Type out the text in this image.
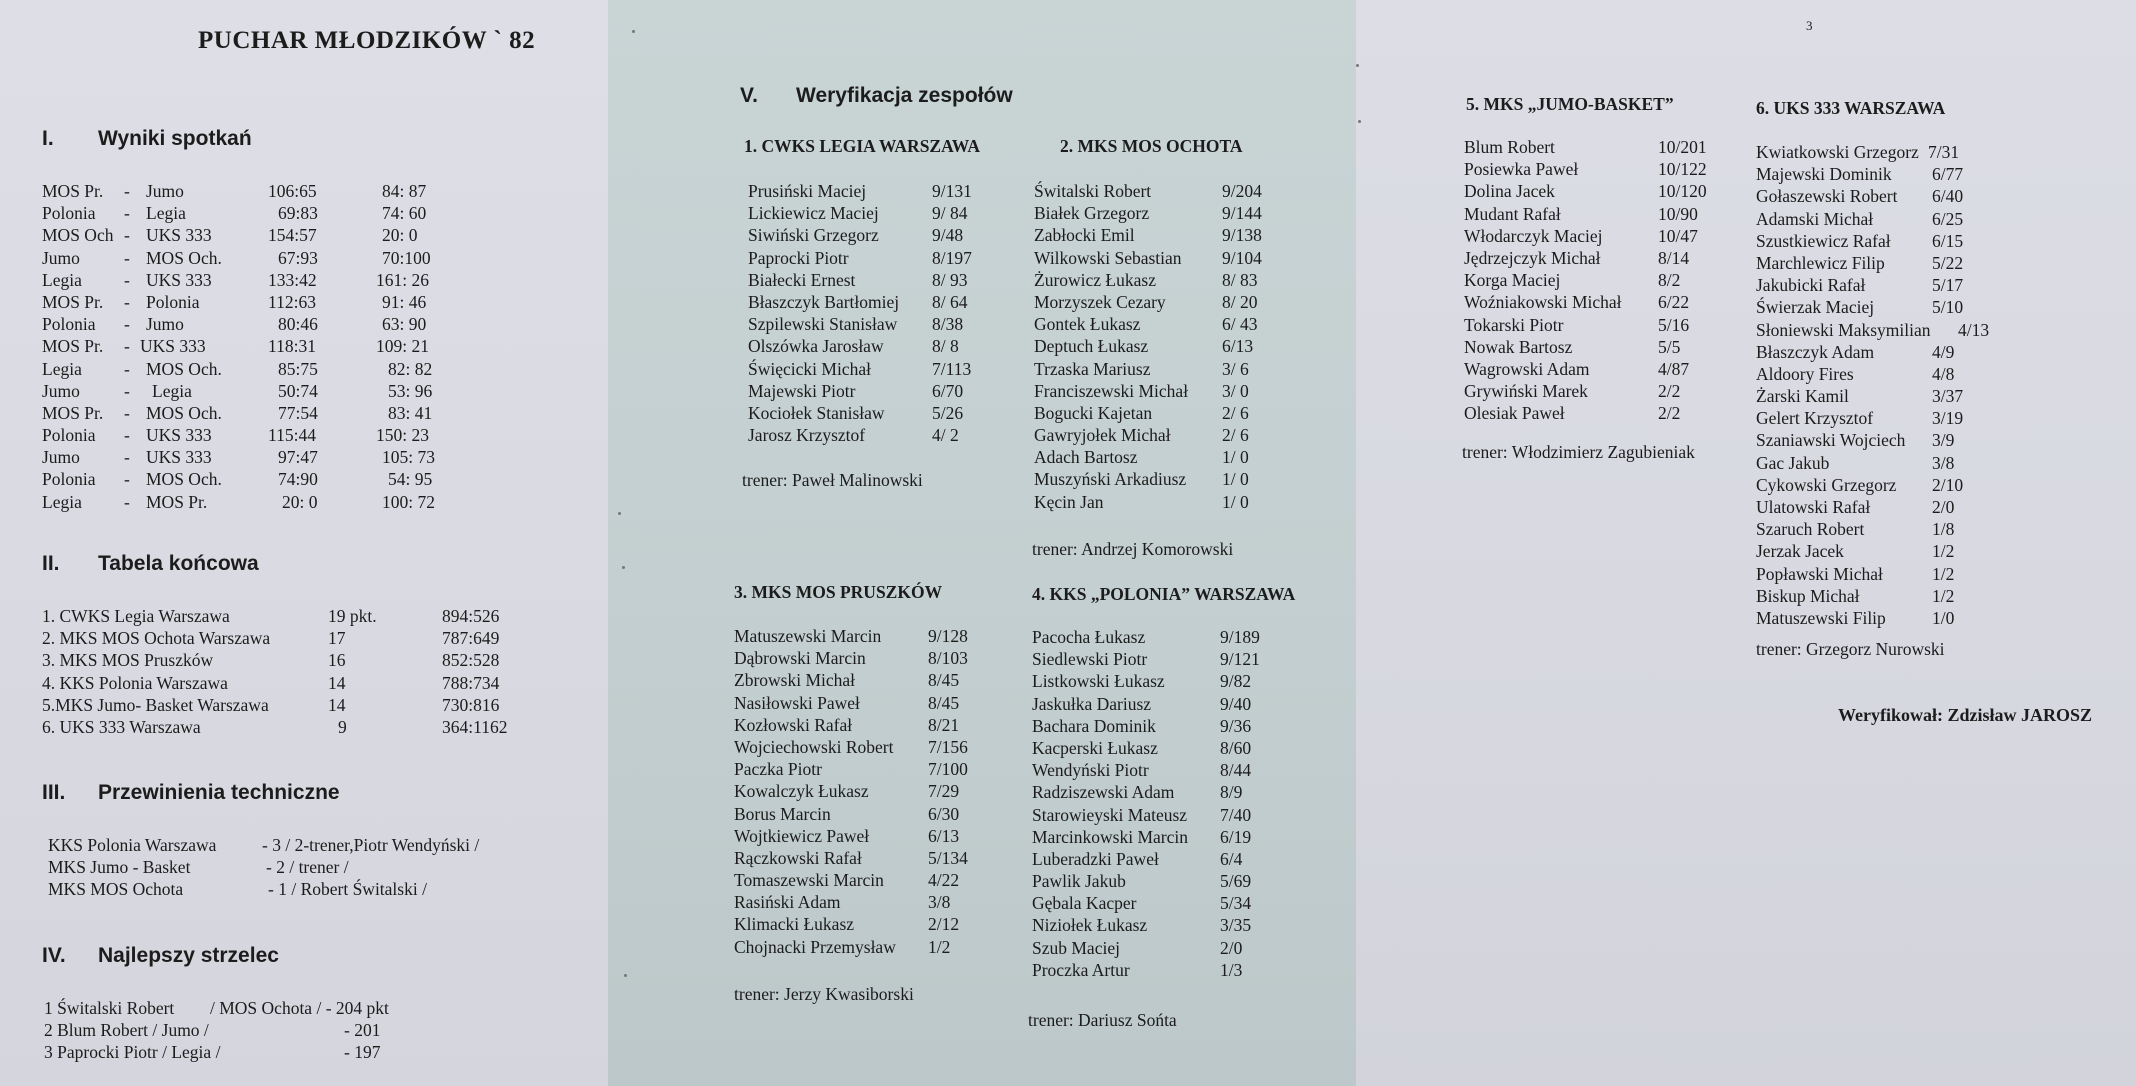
PUCHAR MŁODZIKÓW ` 82
I. Wyniki spotkań
MOS Pr. - Jumo	106:65	84: 87
Polonia - Legia	69:83	74: 60
MOS Och - UKS 333	154:57	20: 0
Jumo	- MOS Och.	67:93	70:100
Legia - UKS 333	133:42	161: 26
MOS Pr. - Polonia	112:63	91: 46
Polonia - Jumo	80:46	63: 90
MOS Pr. - UKS 333	118:31	109: 21
Legia - MOS Och.	85:75	82: 82
Jumo	- Legia	50:74	53: 96
MOS Pr. - MOS Och.	77:54	83: 41
Polonia - UKS 333	115:44	150: 23
Jumo	- UKS 333	97:47	105: 73
Polonia - MOS Och.	74:90	54: 95
Legia - MOS Pr.	20: 0	100: 72
II. Tabela końcowa
1. CWKS Legia Warszawa	19 pkt.	894:526
2. MKS MOS Ochota Warszawa	17	787:649
3. MKS MOS Pruszków	16	852:528
4. KKS Polonia Warszawa	14	788:734
5.MKS Jumo- Basket Warszawa	14	730:816
6. UKS 333 Warszawa	9	364:1162
III. Przewinienia techniczne
KKS Polonia Warszawa	- 3 / 2-trener,Piotr Wendyński /
MKS Jumo - Basket	- 2 / trener /
MKS MOS Ochota	- 1 / Robert Świtalski /
IV. Najlepszy strzelec
1 Świtalski Robert / MOS Ochota / - 204 pkt
2 Blum Robert / Jumo /	- 201
3 Paprocki Piotr / Legia /	- 197
V. Weryfikacja zespołów
1. CWKS LEGIA WARSZAWA
Prusiński Maciej	9/131
Lickiewicz Maciej	9/ 84
Siwiński Grzegorz	9/48
Paprocki Piotr	8/197
Białecki Ernest	8/ 93
Błaszczyk Bartłomiej 8/ 64
Szpilewski Stanisław 8/38
Olszówka Jarosław	8/ 8
Święcicki Michał	7/113
Majewski Piotr	6/70
Kociołek Stanisław	5/26
Jarosz Krzysztof	4/ 2
trener: Paweł Malinowski
2. MKS MOS OCHOTA
Świtalski Robert	9/204
Białek Grzegorz	9/144
Zabłocki Emil	9/138
Wilkowski Sebastian 9/104
Żurowicz Łukasz	8/ 83
Morzyszek Cezary	8/ 20
Gontek Łukasz	6/ 43
Deptuch Łukasz	6/13
Trzaska Mariusz	3/ 6
Franciszewski Michał 3/ 0
Bogucki Kajetan	2/ 6
Gawryjołek Michał	2/ 6
Adach Bartosz	1/ 0
Muszyński Arkadiusz 1/ 0
Kęcin Jan	1/ 0
trener: Andrzej Komorowski
3. MKS MOS PRUSZKÓW
Matuszewski Marcin	9/128
Dąbrowski Marcin	8/103
Zbrowski Michał	8/45
Nasiłowski Paweł	8/45
Kozłowski Rafał	8/21
Wojciechowski Robert 7/156
Paczka Piotr	7/100
Kowalczyk Łukasz	7/29
Borus Marcin	6/30
Wojtkiewicz Paweł	6/13
Rączkowski Rafał	5/134
Tomaszewski Marcin	4/22
Rasiński Adam	3/8
Klimacki Łukasz	2/12
Chojnacki Przemysław 1/2
trener: Jerzy Kwasiborski
4. KKS „POLONIA” WARSZAWA
Pacocha Łukasz	9/189
Siedlewski Piotr	9/121
Listkowski Łukasz	9/82
Jaskułka Dariusz	9/40
Bachara Dominik	9/36
Kacperski Łukasz	8/60
Wendyński Piotr	8/44
Radziszewski Adam	8/9
Starowieyski Mateusz 7/40
Marcinkowski Marcin 6/19
Luberadzki Paweł	6/4
Pawlik Jakub	5/69
Gębala Kacper	5/34
Niziołek Łukasz	3/35
Szub Maciej	2/0
Proczka Artur	1/3
trener: Dariusz Sońta
3
5. MKS „JUMO-BASKET”
Blum Robert	10/201
Posiewka Paweł	10/122
Dolina Jacek	10/120
Mudant Rafał	10/90
Włodarczyk Maciej	10/47
Jędrzejczyk Michał	8/14
Korga Maciej	8/2
Woźniakowski Michał 6/22
Tokarski Piotr	5/16
Nowak Bartosz	5/5
Wagrowski Adam	4/87
Grywiński Marek	2/2
Olesiak Paweł	2/2
trener: Włodzimierz Zagubieniak
6. UKS 333 WARSZAWA
Kwiatkowski Grzegorz 7/31
Majewski Dominik 6/77
Gołaszewski Robert 6/40
Adamski Michał	6/25
Szustkiewicz Rafał 6/15
Marchlewicz Filip	5/22
Jakubicki Rafał	5/17
Świerzak Maciej	5/10
Słoniewski Maksymilian 4/13
Błaszczyk Adam	4/9
Aldoory Fires	4/8
Żarski Kamil	3/37
Gelert Krzysztof	3/19
Szaniawski Wojciech 3/9
Gac Jakub	3/8
Cykowski Grzegorz 2/10
Ulatowski Rafał	2/0
Szaruch Robert	1/8
Jerzak Jacek	1/2
Popławski Michał	1/2
Biskup Michał	1/2
Matuszewski Filip	1/0
trener: Grzegorz Nurowski
Weryfikował: Zdzisław JAROSZ
